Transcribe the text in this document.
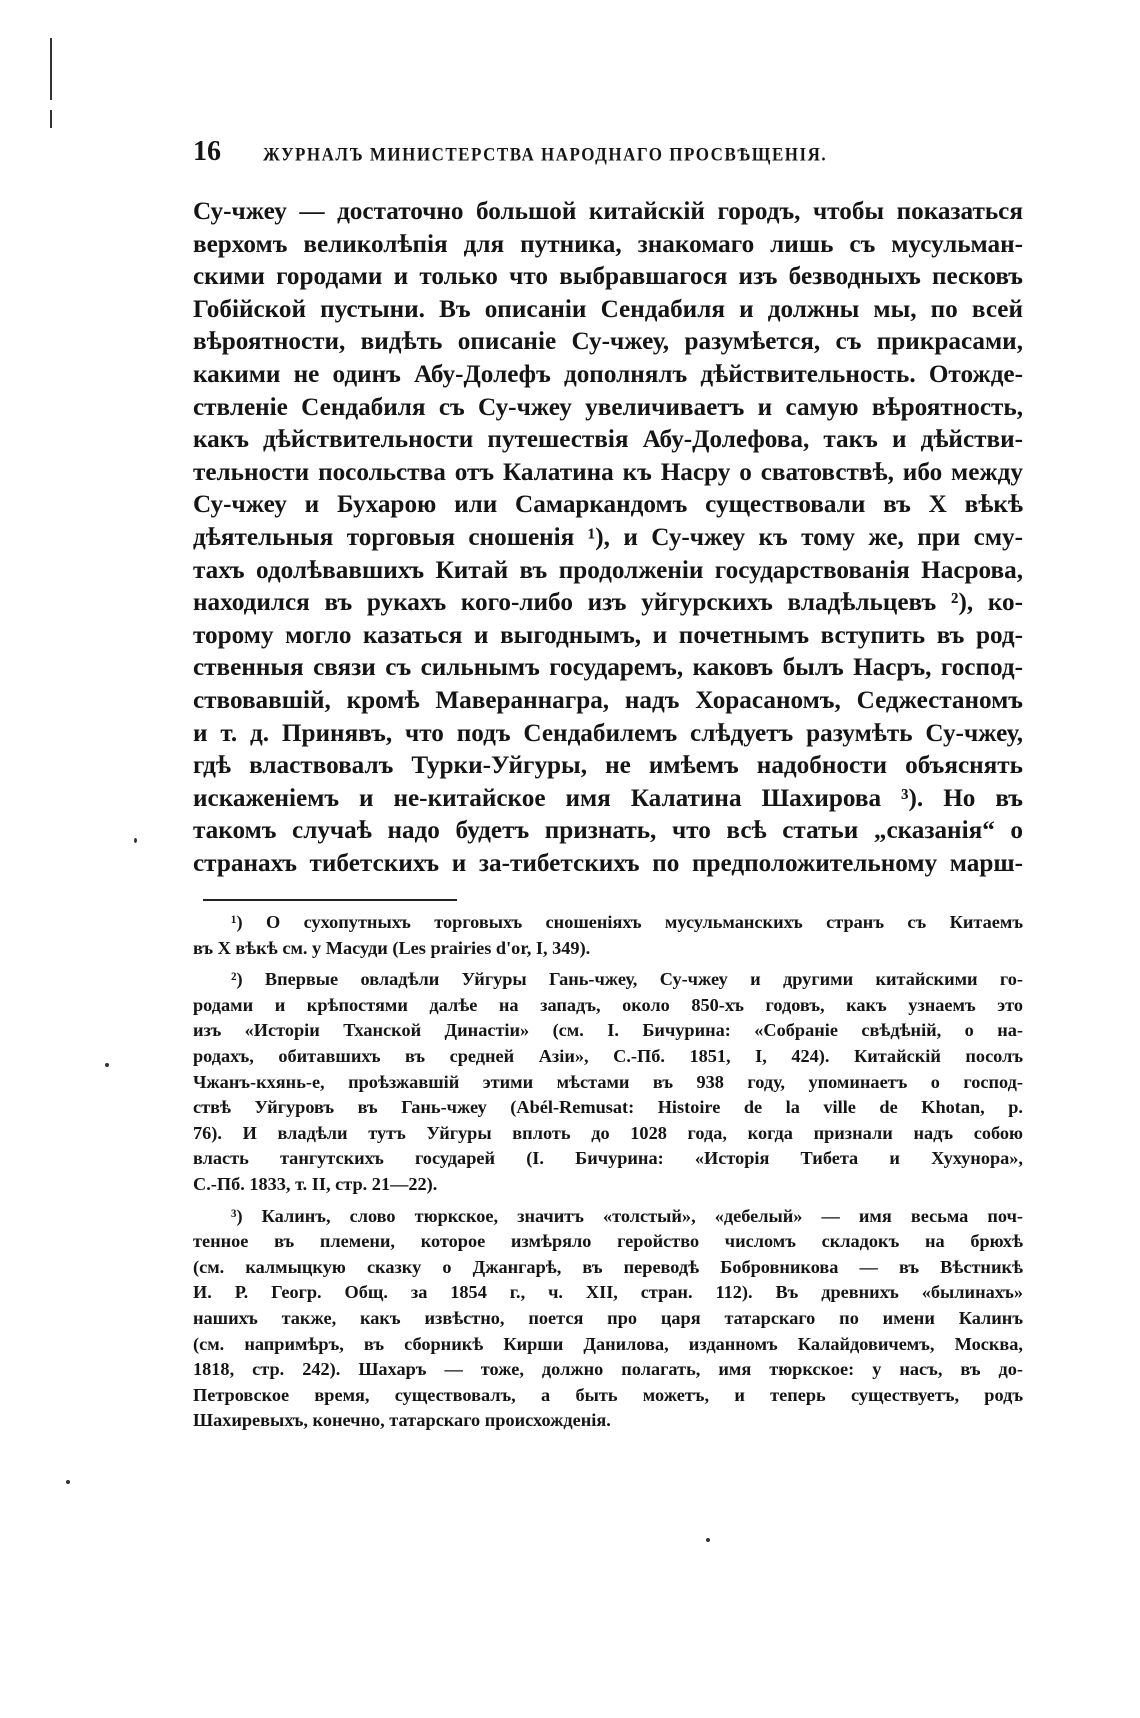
16	ЖУРНАЛЪ МИНИСТЕРСТВА НАРОДНАГО ПРОСВѢЩЕНІЯ.
Су-чжеу — достаточно большой китайскій городъ, чтобы показаться
верхомъ великолѣпія для путника, знакомаго лишь съ мусульман-
скими городами и только что выбравшагося изъ безводныхъ песковъ
Гобійской пустыни. Въ описаніи Сендабиля и должны мы, по всей
вѣроятности, видѣть описаніе Су-чжеу, разумѣется, съ прикрасами,
какими не одинъ Абу-Долефъ дополнялъ дѣйствительность. Отожде-
ствленіе Сендабиля съ Су-чжеу увеличиваетъ и самую вѣроятность,
какъ дѣйствительности путешествія Абу-Долефова, такъ и дѣйстви-
тельности посольства отъ Калатина къ Насру о сватовствѣ, ибо между
Су-чжеу и Бухарою или Самаркандомъ существовали въ X вѣкѣ
дѣятельныя торговыя сношенія ¹), и Су-чжеу къ тому же, при сму-
тахъ одолѣвавшихъ Китай въ продолженіи государствованія Насрова,
находился въ рукахъ кого-либо изъ уйгурскихъ владѣльцевъ ²), ко-
торому могло казаться и выгоднымъ, и почетнымъ вступить въ род-
ственныя связи съ сильнымъ государемъ, каковъ былъ Насръ, господ-
ствовавшій, кромѣ Мавераннагра, надъ Хорасаномъ, Седжестаномъ
и т. д. Принявъ, что подъ Сендабилемъ слѣдуетъ разумѣть Су-чжеу,
гдѣ властвовалъ Турки-Уйгуры, не имѣемъ надобности объяснять
искаженіемъ и не-китайское имя Калатина Шахирова ³). Но въ
такомъ случаѣ надо будетъ признать, что всѣ статьи „сказанія“ о
странахъ тибетскихъ и за-тибетскихъ по предположительному марш-
¹) О сухопутныхъ торговыхъ сношеніяхъ мусульманскихъ странъ съ Китаемъ
въ X вѣкѣ см. у Масуди (Les prairies d'or, I, 349).
²) Впервые овладѣли Уйгуры Гань-чжеу, Су-чжеу и другими китайскими го-
родами и крѣпостями далѣе на западъ, около 850-хъ годовъ, какъ узнаемъ это
изъ «Исторіи Тханской Династіи» (см. І. Бичурина: «Собраніе свѣдѣній, о на-
родахъ, обитавшихъ въ средней Азіи», С.-Пб. 1851, I, 424). Китайскій посолъ
Чжанъ-кхянь-е, проѣзжавшій этими мѣстами въ 938 году, упоминаетъ о господ-
ствѣ Уйгуровъ въ Гань-чжеу (Abél-Remusat: Histoire de la ville de Khotan, p.
76). И владѣли тутъ Уйгуры вплоть до 1028 года, когда признали надъ собою
власть тангутскихъ государей (І. Бичурина: «Исторія Тибета и Хухунора»,
С.-Пб. 1833, т. II, стр. 21—22).
³) Калинъ, слово тюркское, значитъ «толстый», «дебелый» — имя весьма поч-
тенное въ племени, которое измѣряло геройство числомъ складокъ на брюхѣ
(см. калмыцкую сказку о Джангарѣ, въ переводѣ Бобровникова — въ Вѣстникѣ
И. Р. Геогр. Общ. за 1854 г., ч. XII, стран. 112). Въ древнихъ «былинахъ»
нашихъ также, какъ извѣстно, поется про царя татарскаго по имени Калинъ
(см. напримѣръ, въ сборникѣ Кирши Данилова, изданномъ Калайдовичемъ, Москва,
1818, стр. 242). Шахаръ — тоже, должно полагать, имя тюркское: у насъ, въ до-
Петровское время, существовалъ, а быть можетъ, и теперь существуетъ, родъ
Шахиревыхъ, конечно, татарскаго происхожденія.
